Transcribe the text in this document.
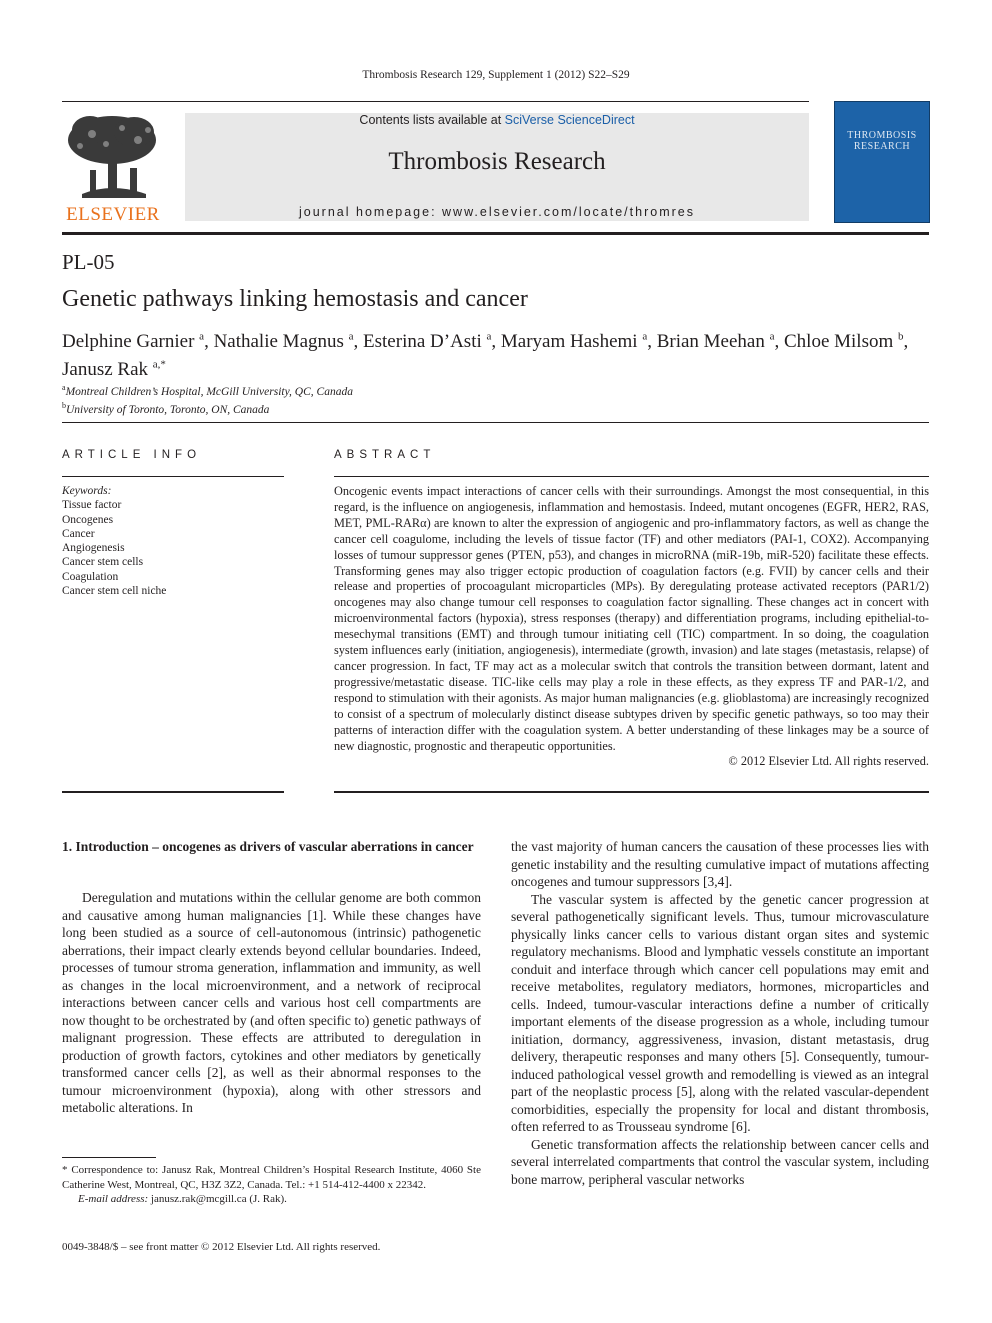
Thrombosis Research 129, Supplement 1 (2012) S22–S29
ELSEVIER
Contents lists available at SciVerse ScienceDirect
Thrombosis Research
journal homepage: www.elsevier.com/locate/thromres
THROMBOSIS RESEARCH
PL-05
Genetic pathways linking hemostasis and cancer
Delphine Garnier $^a$, Nathalie Magnus $^a$, Esterina D’Asti $^a$, Maryam Hashemi $^a$, Brian Meehan $^a$, Chloe Milsom $^b$,
Janusz Rak $^{a,*}$
$^a$Montreal Children’s Hospital, McGill University, QC, Canada
$^b$University of Toronto, Toronto, ON, Canada
ARTICLE INFO	ABSTRACT
Keywords:
Tissue factor
Oncogenes
Cancer
Angiogenesis
Cancer stem cells
Coagulation
Cancer stem cell niche
Oncogenic events impact interactions of cancer cells with their surroundings. Amongst the most consequential, in this regard, is the influence on angiogenesis, inflammation and hemostasis. Indeed, mutant oncogenes (EGFR, HER2, RAS, MET, PML-RARα) are known to alter the expression of angiogenic and pro-inflammatory factors, as well as change the cancer cell coagulome, including the levels of tissue factor (TF) and other mediators (PAI-1, COX2). Accompanying losses of tumour suppressor genes (PTEN, p53), and changes in microRNA (miR-19b, miR-520) facilitate these effects. Transforming genes may also trigger ectopic production of coagulation factors (e.g. FVII) by cancer cells and their release and properties of procoagulant microparticles (MPs). By deregulating protease activated receptors (PAR1/2) oncogenes may also change tumour cell responses to coagulation factor signalling. These changes act in concert with microenvironmental factors (hypoxia), stress responses (therapy) and differentiation programs, including epithelial-to-mesechymal transitions (EMT) and through tumour initiating cell (TIC) compartment. In so doing, the coagulation system influences early (initiation, angiogenesis), intermediate (growth, invasion) and late stages (metastasis, relapse) of cancer progression. In fact, TF may act as a molecular switch that controls the transition between dormant, latent and progressive/metastatic disease. TIC-like cells may play a role in these effects, as they express TF and PAR-1/2, and respond to stimulation with their agonists. As major human malignancies (e.g. glioblastoma) are increasingly recognized to consist of a spectrum of molecularly distinct disease subtypes driven by specific genetic pathways, so too may their patterns of interaction differ with the coagulation system. A better understanding of these linkages may be a source of new diagnostic, prognostic and therapeutic opportunities.
© 2012 Elsevier Ltd. All rights reserved.
1. Introduction – oncogenes as drivers of vascular aberrations in cancer

Deregulation and mutations within the cellular genome are both common and causative among human malignancies [1]. While these changes have long been studied as a source of cell-autonomous (intrinsic) pathogenetic aberrations, their impact clearly extends beyond cellular boundaries. Indeed, processes of tumour stroma generation, inflammation and immunity, as well as changes in the local microenvironment, and a network of reciprocal interactions between cancer cells and various host cell compartments are now thought to be orchestrated by (and often specific to) genetic pathways of malignant progression. These effects are attributed to deregulation in production of growth factors, cytokines and other mediators by genetically transformed cancer cells [2], as well as their abnormal responses to the tumour microenvironment (hypoxia), along with other stressors and metabolic alterations. In

the vast majority of human cancers the causation of these processes lies with genetic instability and the resulting cumulative impact of mutations affecting oncogenes and tumour suppressors [3,4].

The vascular system is affected by the genetic cancer progression at several pathogenetically significant levels. Thus, tumour microvasculature physically links cancer cells to various distant organ sites and systemic regulatory mechanisms. Blood and lymphatic vessels constitute an important conduit and interface through which cancer cell populations may emit and receive metabolites, regulatory mediators, hormones, microparticles and cells. Indeed, tumour-vascular interactions define a number of critically important elements of the disease progression as a whole, including tumour initiation, dormancy, aggressiveness, invasion, distant metastasis, drug delivery, therapeutic responses and many others [5]. Consequently, tumour-induced pathological vessel growth and remodelling is viewed as an integral part of the neoplastic process [5], along with the related vascular-dependent comorbidities, especially the propensity for local and distant thrombosis, often referred to as Trousseau syndrome [6].

Genetic transformation affects the relationship between cancer cells and several interrelated compartments that control the vascular system, including bone marrow, peripheral vascular networks

* Correspondence to: Janusz Rak, Montreal Children’s Hospital Research Institute, 4060 Ste Catherine West, Montreal, QC, H3Z 3Z2, Canada. Tel.: +1 514-412-4400 x 22342.
E-mail address: janusz.rak@mcgill.ca (J. Rak).
0049-3848/$ – see front matter © 2012 Elsevier Ltd. All rights reserved.
